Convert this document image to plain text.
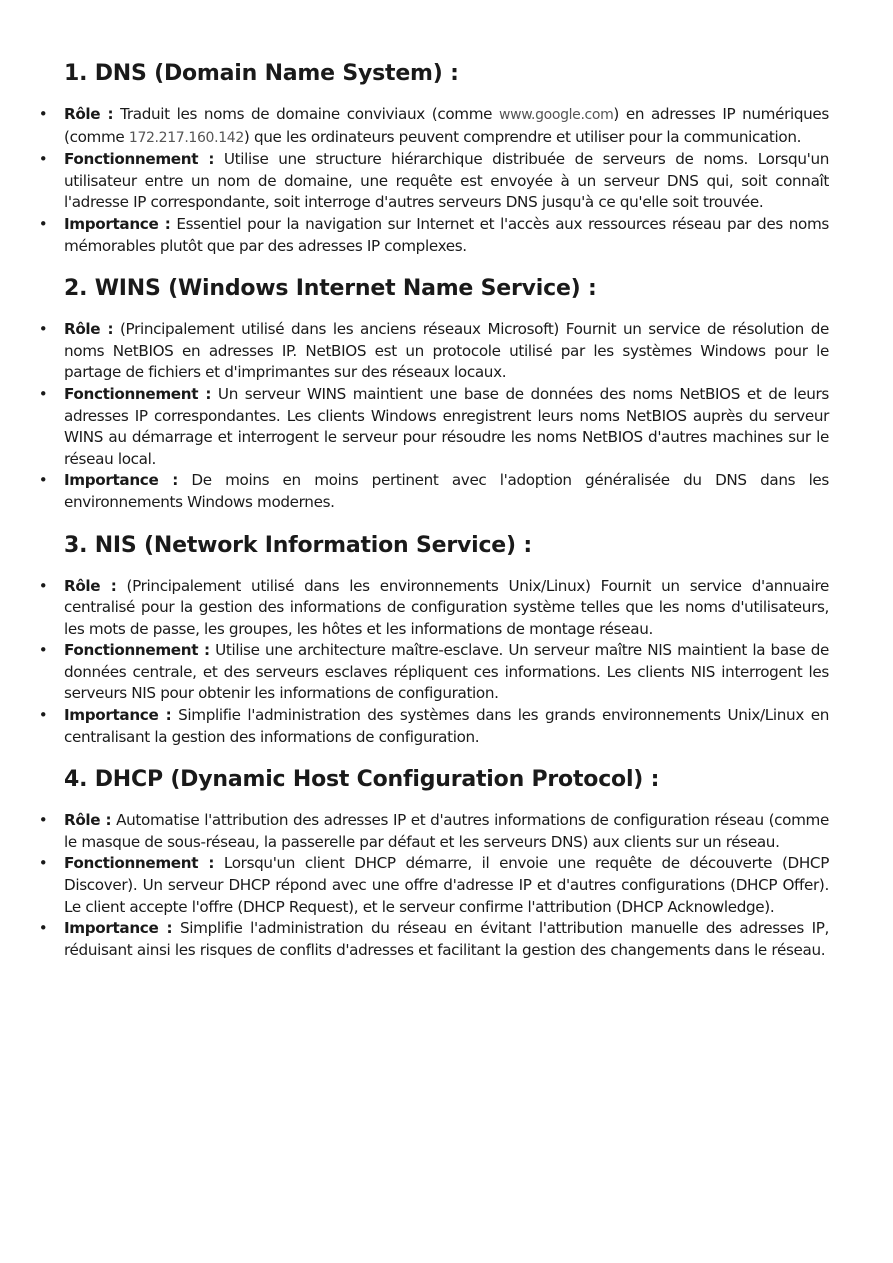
1. DNS (Domain Name System) :
• Rôle : Traduit les noms de domaine conviviaux (comme www.google.com) en adresses IP numériques (comme 172.217.160.142) que les ordinateurs peuvent comprendre et utiliser pour la communication.
• Fonctionnement : Utilise une structure hiérarchique distribuée de serveurs de noms. Lorsqu'un utilisateur entre un nom de domaine, une requête est envoyée à un serveur DNS qui, soit connaît l'adresse IP correspondante, soit interroge d'autres serveurs DNS jusqu'à ce qu'elle soit trouvée.
• Importance : Essentiel pour la navigation sur Internet et l'accès aux ressources réseau par des noms mémorables plutôt que par des adresses IP complexes.
2. WINS (Windows Internet Name Service) :
• Rôle : (Principalement utilisé dans les anciens réseaux Microsoft) Fournit un service de résolution de noms NetBIOS en adresses IP. NetBIOS est un protocole utilisé par les systèmes Windows pour le partage de fichiers et d'imprimantes sur des réseaux locaux.
• Fonctionnement : Un serveur WINS maintient une base de données des noms NetBIOS et de leurs adresses IP correspondantes. Les clients Windows enregistrent leurs noms NetBIOS auprès du serveur WINS au démarrage et interrogent le serveur pour résoudre les noms NetBIOS d'autres machines sur le réseau local.
• Importance : De moins en moins pertinent avec l'adoption généralisée du DNS dans les environnements Windows modernes.
3. NIS (Network Information Service) :
• Rôle : (Principalement utilisé dans les environnements Unix/Linux) Fournit un service d'annuaire centralisé pour la gestion des informations de configuration système telles que les noms d'utilisateurs, les mots de passe, les groupes, les hôtes et les informations de montage réseau.
• Fonctionnement : Utilise une architecture maître-esclave. Un serveur maître NIS maintient la base de données centrale, et des serveurs esclaves répliquent ces informations. Les clients NIS interrogent les serveurs NIS pour obtenir les informations de configuration.
• Importance : Simplifie l'administration des systèmes dans les grands environnements Unix/Linux en centralisant la gestion des informations de configuration.
4. DHCP (Dynamic Host Configuration Protocol) :
• Rôle : Automatise l'attribution des adresses IP et d'autres informations de configuration réseau (comme le masque de sous-réseau, la passerelle par défaut et les serveurs DNS) aux clients sur un réseau.
• Fonctionnement : Lorsqu'un client DHCP démarre, il envoie une requête de découverte (DHCP Discover). Un serveur DHCP répond avec une offre d'adresse IP et d'autres configurations (DHCP Offer). Le client accepte l'offre (DHCP Request), et le serveur confirme l'attribution (DHCP Acknowledge).
• Importance : Simplifie l'administration du réseau en évitant l'attribution manuelle des adresses IP, réduisant ainsi les risques de conflits d'adresses et facilitant la gestion des changements dans le réseau.
